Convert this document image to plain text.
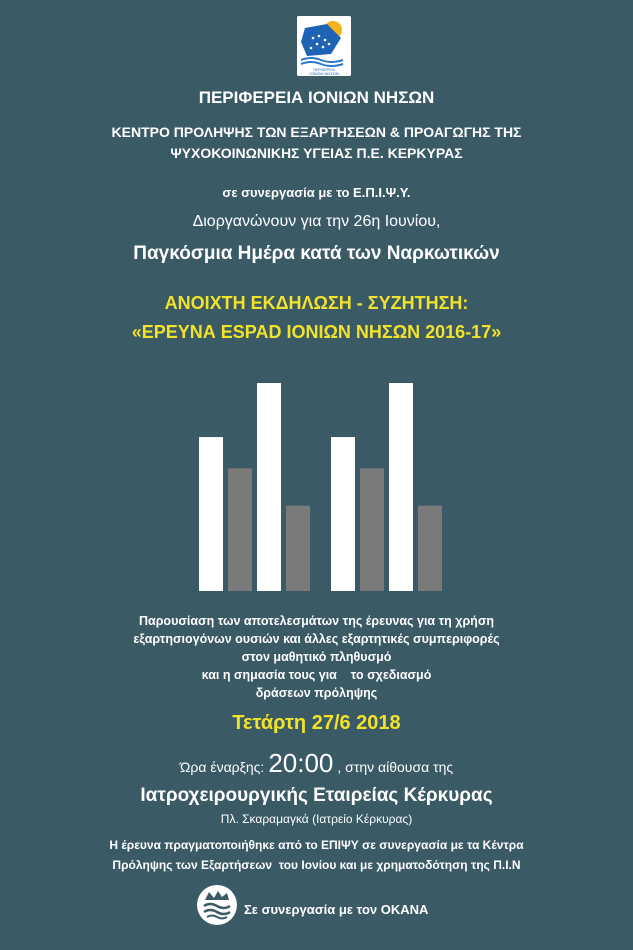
ΠΕΡΙΦΕΡΕΙΑ
ΙΟΝΙΩΝ ΝΗΣΩΝ
ΠΕΡΙΦΕΡΕΙΑ ΙΟΝΙΩΝ ΝΗΣΩΝ
ΚΕΝΤΡΟ ΠΡΟΛΗΨΗΣ ΤΩΝ ΕΞΑΡΤΗΣΕΩΝ & ΠΡΟΑΓΩΓΗΣ ΤΗΣ
ΨΥΧΟΚΟΙΝΩΝΙΚΗΣ ΥΓΕΙΑΣ Π.Ε. ΚΕΡΚΥΡΑΣ
σε συνεργασία με το Ε.Π.Ι.Ψ.Υ.
Διοργανώνουν για την 26η Ιουνίου,
Παγκόσμια Ημέρα κατά των Ναρκωτικών
ΑΝΟΙΧΤΗ ΕΚΔΗΛΩΣΗ - ΣΥΖΗΤΗΣΗ:
«ΕΡΕΥΝΑ ESPAD ΙΟΝΙΩΝ ΝΗΣΩΝ 2016-17»
Παρουσίαση των αποτελεσμάτων της έρευνας για τη χρήση
εξαρτησιογόνων ουσιών και άλλες εξαρτητικές συμπεριφορές
στον μαθητικό πληθυσμό
και η σημασία τους για    το σχεδιασμό
δράσεων πρόληψης
Τετάρτη 27/6 2018
Ώρα έναρξης: 20:00 , στην αίθουσα της
Ιατροχειρουργικής Εταιρείας Κέρκυρας
Πλ. Σκαραμαγκά (Ιατρείο Κέρκυρας)
Η έρευνα πραγματοποιήθηκε από το ΕΠΙΨΥ σε συνεργασία με τα Κέντρα
Πρόληψης των Εξαρτήσεων  του Ιονίου και με χρηματοδότηση της Π.Ι.Ν
Σε συνεργασία με τον ΟΚΑΝΑ
